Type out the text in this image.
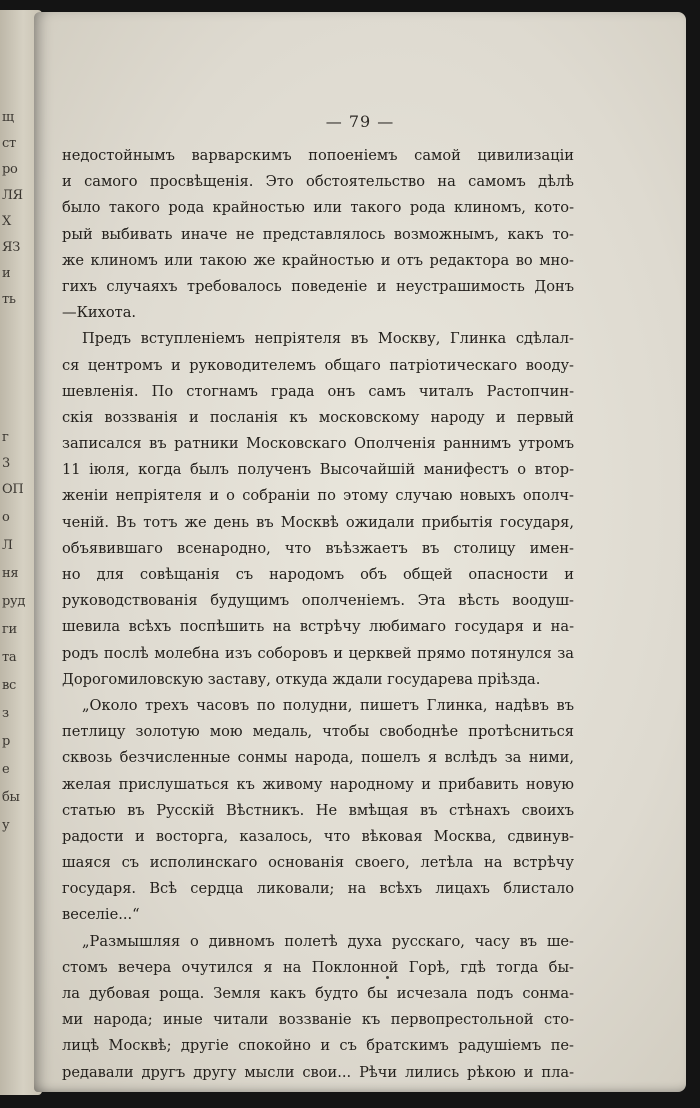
щ
ст
ро
ЛЯ
Х
ЯЗ
и
ть
г
3
ОП
о
Л
ня
руд
ги
та
вс
з
р
е
бы
у
— 79 —
недостойнымъ варварскимъ попоеніемъ самой цивилизаціи
и самого просвѣщенія. Это обстоятельство на самомъ дѣлѣ
было такого рода крайностью или такого рода клиномъ, кото-
рый выбивать иначе не представлялось возможнымъ, какъ то-
же клиномъ или такою же крайностью и отъ редактора во мно-
гихъ случаяхъ требовалось поведеніе и неустрашимость Донъ
—Кихота.
Предъ вступленіемъ непріятеля въ Москву, Глинка сдѣлал-
ся центромъ и руководителемъ общаго патріотическаго вооду-
шевленія. По стогнамъ града онъ самъ читалъ Растопчин-
скія воззванія и посланія къ московскому народу и первый
записался въ ратники Московскаго Ополченія раннимъ утромъ
11 іюля, когда былъ полученъ Высочайшій манифестъ о втор-
женіи непріятеля и о собраніи по этому случаю новыхъ ополч-
ченій. Въ тотъ же день въ Москвѣ ожидали прибытія государя,
объявившаго всенародно, что въѣзжаетъ въ столицу имен-
но для совѣщанія съ народомъ объ общей опасности и
руководствованія будущимъ ополченіемъ. Эта вѣсть воодуш-
шевила всѣхъ поспѣшить на встрѣчу любимаго государя и на-
родъ послѣ молебна изъ соборовъ и церквей прямо потянулся за
Дорогомиловскую заставу, откуда ждали государева пріѣзда.
„Около трехъ часовъ по полудни, пишетъ Глинка, надѣвъ въ
петлицу золотую мою медаль, чтобы свободнѣе протѣсниться
сквозь безчисленные сонмы народа, пошелъ я вслѣдъ за ними,
желая прислушаться къ живому народному и прибавить новую
статью въ Русскій Вѣстникъ. Не вмѣщая въ стѣнахъ своихъ
радости и восторга, казалось, что вѣковая Москва, сдвинув-
шаяся съ исполинскаго основанія своего, летѣла на встрѣчу
государя. Всѣ сердца ликовали; на всѣхъ лицахъ блистало
веселіе...“
„Размышляя о дивномъ полетѣ духа русскаго, часу въ ше-
стомъ вечера очутился я на Поклонной Горѣ, гдѣ тогда бы-
ла дубовая роща. Земля какъ будто бы исчезала подъ сонма-
ми народа; иные читали воззваніе къ первопрестольной сто-
лицѣ Москвѣ; другіе спокойно и съ братскимъ радушіемъ пе-
редавали другъ другу мысли свои... Рѣчи лились рѣкою и пла-
